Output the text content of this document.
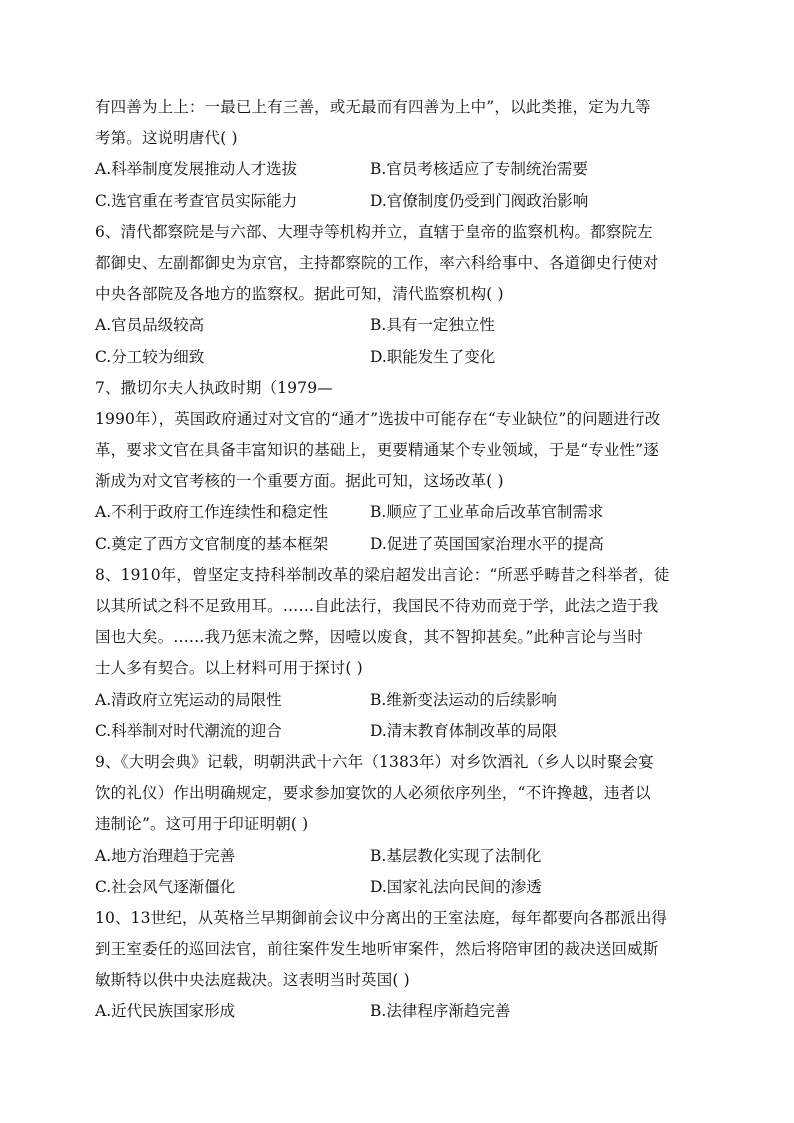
有四善为上上：一最已上有三善，或无最而有四善为上中”，以此类推，定为九等
考第。这说明唐代( )
A.科举制度发展推动人才选拔	B.官员考核适应了专制统治需要
C.选官重在考查官员实际能力	D.官僚制度仍受到门阀政治影响
6、清代都察院是与六部、大理寺等机构并立，直辖于皇帝的监察机构。都察院左
都御史、左副都御史为京官，主持都察院的工作，率六科给事中、各道御史行使对
中央各部院及各地方的监察权。据此可知，清代监察机构( )
A.官员品级较高	B.具有一定独立性
C.分工较为细致	D.职能发生了变化
7、撒切尔夫人执政时期（1979—
1990年），英国政府通过对文官的“通才”选拔中可能存在“专业缺位”的问题进行改
革，要求文官在具备丰富知识的基础上，更要精通某个专业领域，于是“专业性”逐
渐成为对文官考核的一个重要方面。据此可知，这场改革( )
A.不利于政府工作连续性和稳定性	B.顺应了工业革命后改革官制需求
C.奠定了西方文官制度的基本框架	D.促进了英国国家治理水平的提高
8、1910年，曾坚定支持科举制改革的梁启超发出言论：“所恶乎畴昔之科举者，徒
以其所试之科不足致用耳。……自此法行，我国民不待劝而竞于学，此法之造于我
国也大矣。……我乃惩末流之弊，因噎以废食，其不智抑甚矣。”此种言论与当时
士人多有契合。以上材料可用于探讨( )
A.清政府立宪运动的局限性	B.维新变法运动的后续影响
C.科举制对时代潮流的迎合	D.清末教育体制改革的局限
9、《大明会典》记载，明朝洪武十六年（1383年）对乡饮酒礼（乡人以时聚会宴
饮的礼仪）作出明确规定，要求参加宴饮的人必须依序列坐，“不许搀越，违者以
违制论”。这可用于印证明朝( )
A.地方治理趋于完善	B.基层教化实现了法制化
C.社会风气逐渐僵化	D.国家礼法向民间的渗透
10、13世纪，从英格兰早期御前会议中分离出的王室法庭，每年都要向各郡派出得
到王室委任的巡回法官，前往案件发生地听审案件，然后将陪审团的裁决送回威斯
敏斯特以供中央法庭裁决。这表明当时英国( )
A.近代民族国家形成	B.法律程序渐趋完善
